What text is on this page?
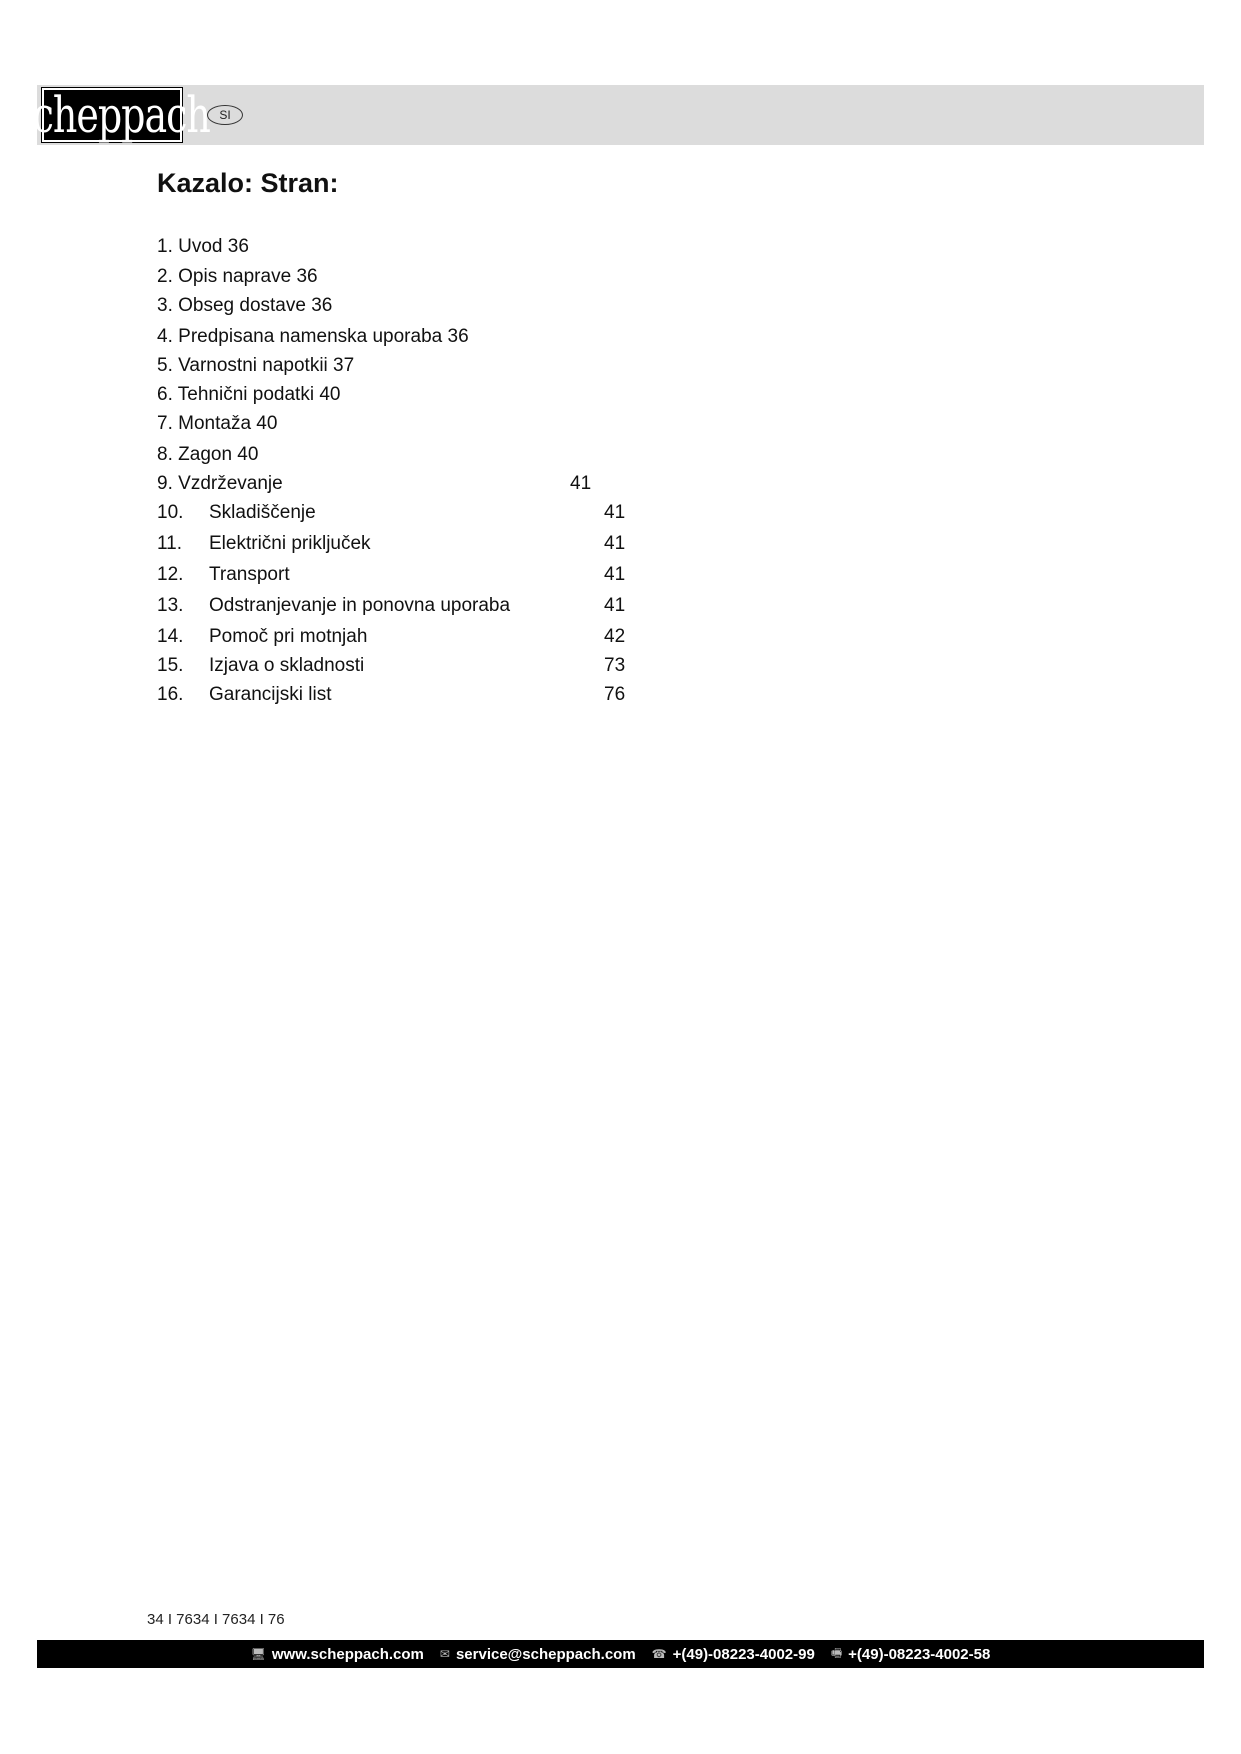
scheppach SI
Kazalo: Stran:
1. Uvod 36
2. Opis naprave 36
3. Obseg dostave 36
4. Predpisana namenska uporaba 36
5. Varnostni napotkii 37
6. Tehnični podatki 40
7. Montaža 40
8. Zagon 40
9. Vzdrževanje	41
10. Skladiščenje	41
11. Električni priključek	41
12. Transport	41
13. Odstranjevanje in ponovna uporaba	41
14. Pomoč pri motnjah	42
15. Izjava o skladnosti	73
16. Garancijski list	76
34 I 7634 I 7634 I 76
🖥 www.scheppach.com ✉ service@scheppach.com ☎ +(49)-08223-4002-99 🖷 +(49)-08223-4002-58
